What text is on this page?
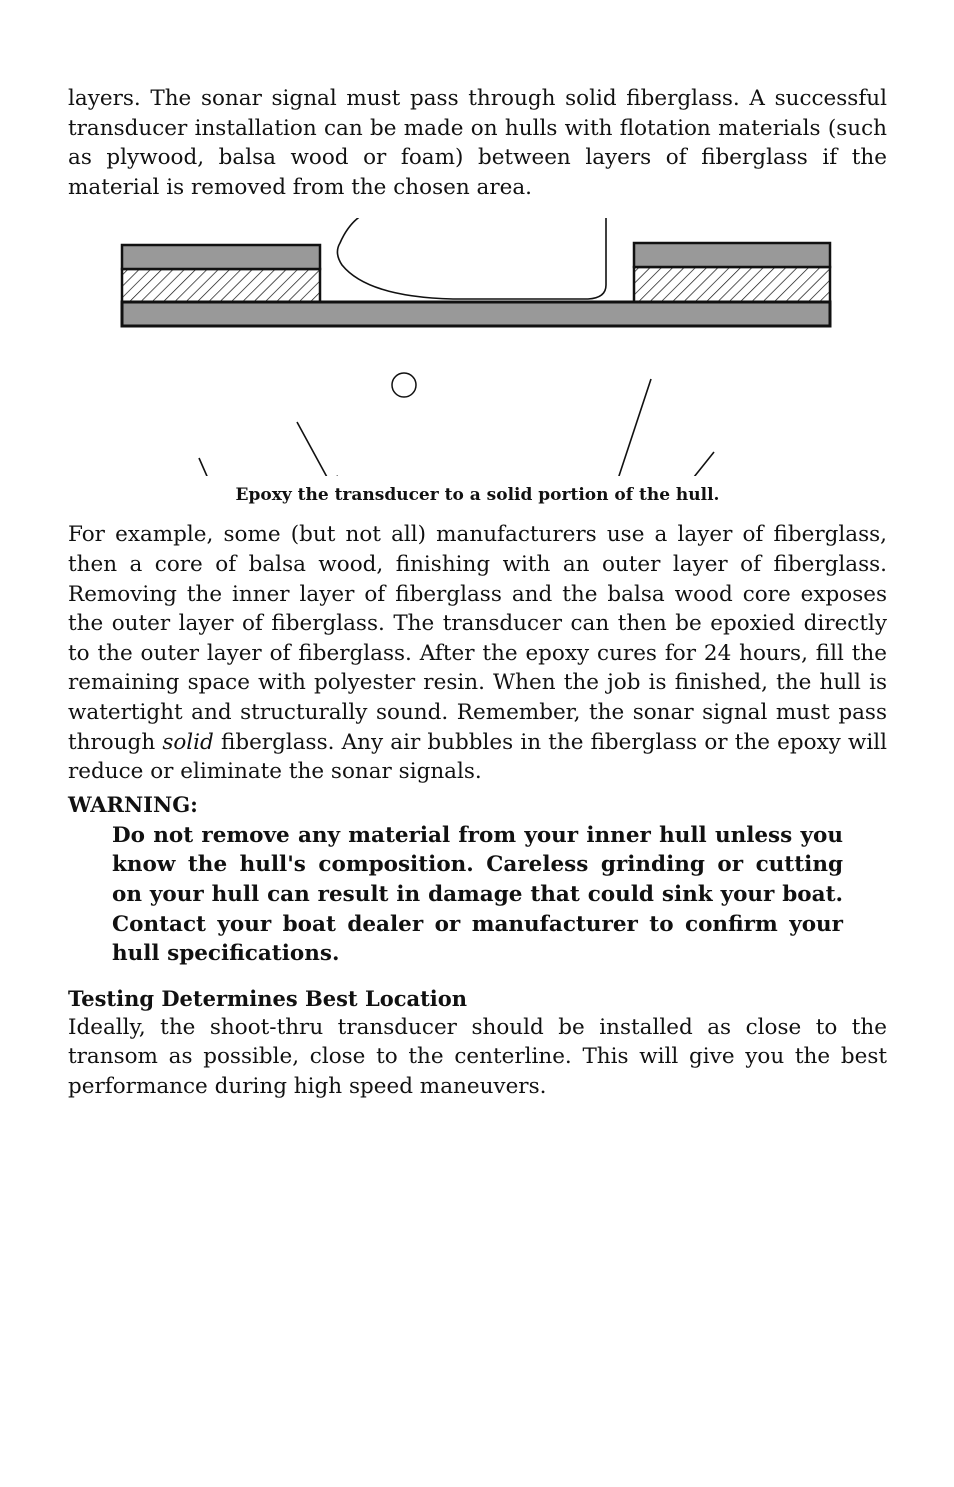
layers. The sonar signal must pass through solid fiberglass. A successful transducer installation can be made on hulls with flotation materials (such as plywood, balsa wood or foam) between layers of fiberglass if the material is removed from the chosen area.

Epoxy the transducer to a solid portion of the hull.

For example, some (but not all) manufacturers use a layer of fiberglass, then a core of balsa wood, finishing with an outer layer of fiberglass. Removing the inner layer of fiberglass and the balsa wood core exposes the outer layer of fiberglass. The transducer can then be epoxied directly to the outer layer of fiberglass. After the epoxy cures for 24 hours, fill the remaining space with polyester resin. When the job is finished, the hull is watertight and structurally sound. Remember, the sonar signal must pass through solid fiberglass. Any air bubbles in the fiberglass or the epoxy will reduce or eliminate the sonar signals.

WARNING:
Do not remove any material from your inner hull unless you know the hull's composition. Careless grinding or cutting on your hull can result in damage that could sink your boat. Contact your boat dealer or manufacturer to confirm your hull specifications.
Testing Determines Best Location

Ideally, the shoot-thru transducer should be installed as close to the transom as possible, close to the centerline. This will give you the best performance during high speed maneuvers.
